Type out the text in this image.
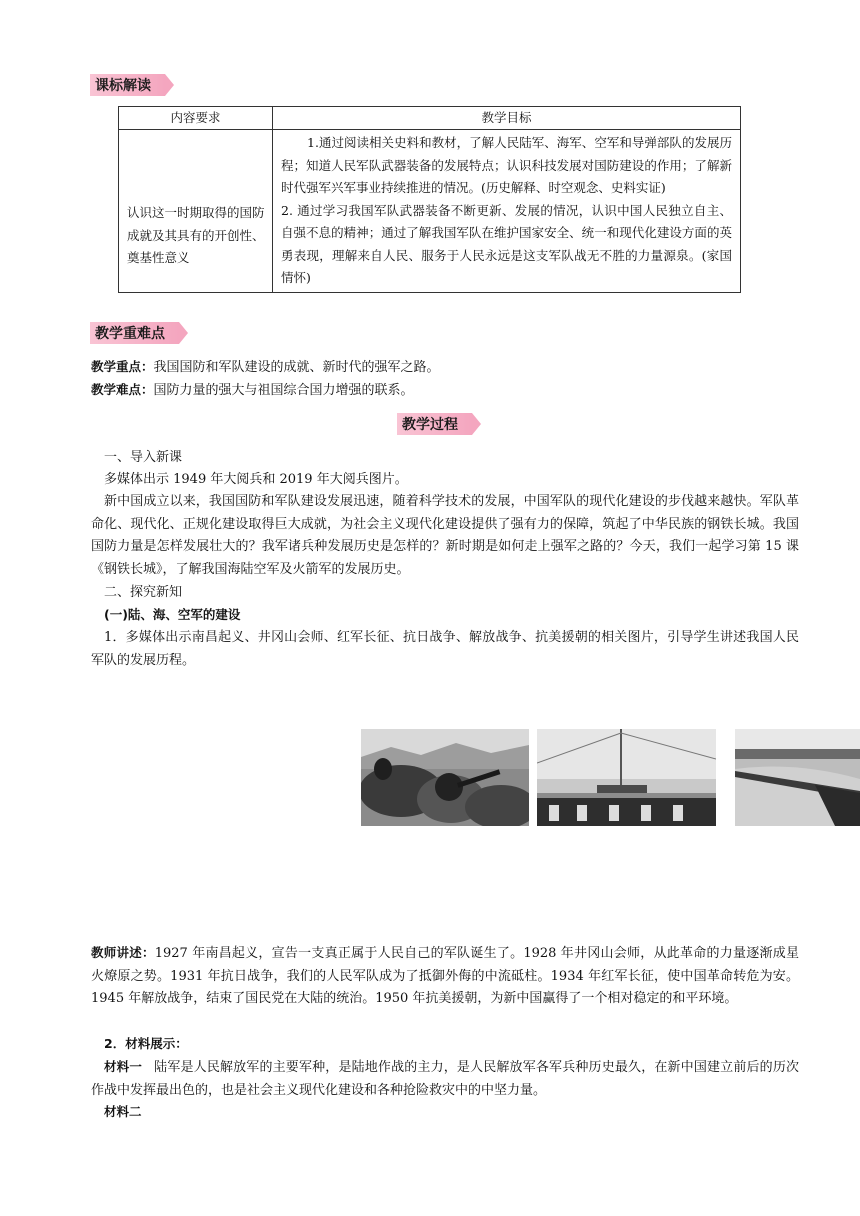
课标解读
内容要求	教学目标
认识这一时期取得的国防成就及其具有的开创性、奠基性意义	1.通过阅读相关史料和教材，了解人民陆军、海军、空军和导弹部队的发展历程；知道人民军队武器装备的发展特点；认识科技发展对国防建设的作用；了解新时代强军兴军事业持续推进的情况。(历史解释、时空观念、史料实证)
2. 通过学习我国军队武器装备不断更新、发展的情况，认识中国人民独立自主、自强不息的精神；通过了解我国军队在维护国家安全、统一和现代化建设方面的英勇表现，理解来自人民、服务于人民永远是这支军队战无不胜的力量源泉。(家国情怀)
教学重难点
教学重点：我国国防和军队建设的成就、新时代的强军之路。
教学难点：国防力量的强大与祖国综合国力增强的联系。
教学过程
一、导入新课
多媒体出示 1949 年大阅兵和 2019 年大阅兵图片。
新中国成立以来，我国国防和军队建设发展迅速，随着科学技术的发展，中国军队的现代化建设的步伐越来越快。军队革命化、现代化、正规化建设取得巨大成就，为社会主义现代化建设提供了强有力的保障，筑起了中华民族的钢铁长城。我国国防力量是怎样发展壮大的？我军诸兵种发展历史是怎样的？新时期是如何走上强军之路的？今天，我们一起学习第 15 课《钢铁长城》，了解我国海陆空军及火箭军的发展历史。
二、探究新知
(一)陆、海、空军的建设
1．多媒体出示南昌起义、井冈山会师、红军长征、抗日战争、解放战争、抗美援朝的相关图片，引导学生讲述我国人民军队的发展历程。
教师讲述：1927 年南昌起义，宣告一支真正属于人民自己的军队诞生了。1928 年井冈山会师，从此革命的力量逐渐成星火燎原之势。1931 年抗日战争，我们的人民军队成为了抵御外侮的中流砥柱。1934 年红军长征，使中国革命转危为安。1945 年解放战争，结束了国民党在大陆的统治。1950 年抗美援朝，为新中国赢得了一个相对稳定的和平环境。
2．材料展示：
材料一 陆军是人民解放军的主要军种，是陆地作战的主力，是人民解放军各军兵种历史最久，在新中国建立前后的历次作战中发挥最出色的，也是社会主义现代化建设和各种抢险救灾中的中坚力量。
材料二
